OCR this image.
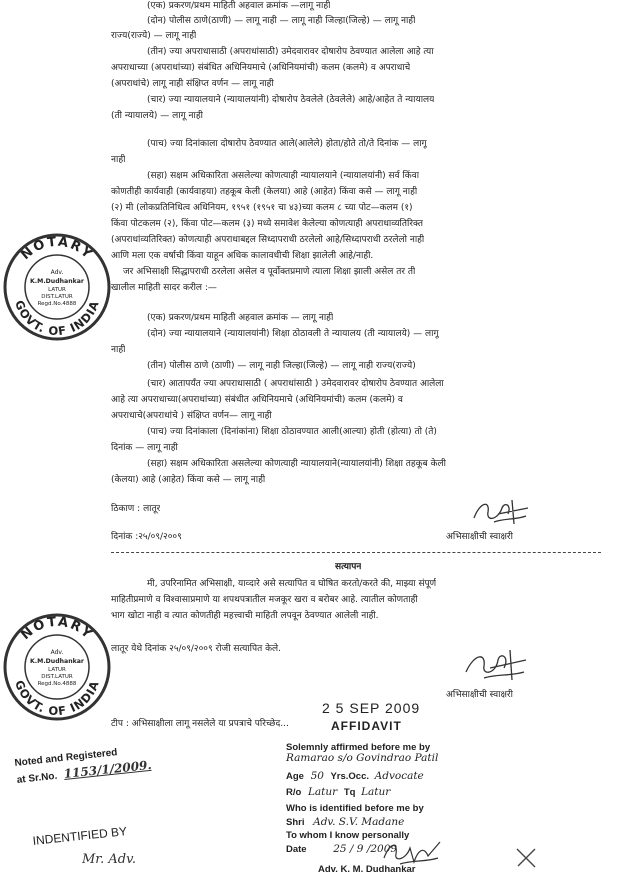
(एक) प्रकरण/प्रथम माहिती अहवाल क्रमांक —लागू नाही
(दोन) पोलीस ठाणे(ठाणी) — लागू नाही — लागू नाही जिल्हा(जिल्हे) — लागू नाही
राज्य(राज्ये) — लागू नाही
(तीन) ज्या अपराधासाठी (अपराधांसाठी) उमेदवारावर दोषारोप ठेवण्यात आलेला आहे त्या
अपराधाच्या (अपराधांच्या) संबंधित अधिनियमाचे (अधिनियमांची) कलम (कलमे) व अपराधाचे
(अपराधांचे) लागू नाही संक्षिप्त वर्णन — लागू नाही
(चार) ज्या न्यायालयाने (न्यायालयांनी) दोषारोप ठेवलेले (ठेवलेले) आहे/आहेत ते न्यायालय
(ती न्यायालये) — लागू नाही
(पाच) ज्या दिनांकाला दोषारोप ठेवण्यात आले(आलेले) होता/होते तो/ते दिनांक — लागू
नाही
(सहा) सक्षम अधिकारिता असलेल्या कोणत्याही न्यायालयाने (न्यायालयांनी) सर्व किंवा
कोणतीही कार्यवाही (कार्यवाहया) तहकूब केली (केलया) आहे (आहेत) किंवा कसे — लागू नाही
(२) मी (लोकप्रतिनिधित्व अधिनियम, १९५१ (१९५१ चा ४३)च्या कलम ८ च्या पोट—कलम (१)
किंवा पोटकलम (२), किंवा पोट—कलम (३) मध्ये समावेश केलेल्या कोणत्याही अपराधाव्यतिरिक्त
(अपराधांव्यतिरिक्त) कोणत्याही अपराधाबद्दल सिध्दापराधी ठरलेलो आहे/सिध्दापराधी ठरलेलो नाही
आणि मला एक वर्षाची किंवा याहून अधिक कालावधीची शिक्षा झालेली आहे/नाही.
जर अभिसाक्षी सिद्धापराधी ठरलेला असेल व पूर्वोक्तप्रमाणे त्याला शिक्षा झाली असेल तर ती
खालील माहिती सादर करील :—
(एक) प्रकरण/प्रथम माहिती अहवाल क्रमांक — लागू नाही
(दोन) ज्या न्यायालयाने (न्यायालयांनी) शिक्षा ठोठावली ते न्यायालय (ती न्यायालये) — लागू
नाही
(तीन) पोलीस ठाणे (ठाणी) — लागू नाही जिल्हा(जिल्हे) — लागू नाही राज्य(राज्ये)
(चार) आतापर्यंत ज्या अपराधासाठी ( अपराधांसाठी ) उमेदवारावर दोषारोप ठेवण्यात आलेला
आहे त्या अपराधाच्या(अपराधांच्या) संबंधीत अधिनियमाचे (अधिनियमांची) कलम (कलमे) व
अपराधाचे(अपराधांचे ) संक्षिप्त वर्णन— लागू नाही
(पाच) ज्या दिनांकाला (दिनांकांना) शिक्षा ठोठावण्यात आली(आल्या) होती (होत्या) तो (ते)
दिनांक — लागू नाही
(सहा) सक्षम अधिकारिता असलेल्या कोणत्याही न्यायालयाने(न्यायालयांनी) शिक्षा तहकूब केली
(केलया) आहे (आहेत) किंवा कसे — लागू नाही
ठिकाण : लातूर
दिनांक :२५/०९/२००९	अभिसाक्षीची स्वाक्षरी
सत्यापन
मी, उपरिनामित अभिसाक्षी, याव्दारे असे सत्यापित व घोषित करतो/करते की, माझ्या संपूर्ण
माहितीप्रमाणे व विश्वासाप्रमाणे या शपथपत्रातील मजकूर खरा व बरोबर आहे. त्यातील कोणताही
भाग खोटा नाही व त्यात कोणतीही महत्त्वाची माहिती लपवून ठेवण्यात आलेली नाही.
लातूर येथे दिनांक २५/०९/२००९ रोजी सत्यापित केले.
अभिसाक्षीची स्वाक्षरी
टीप : अभिसाक्षीला लागू नसलेले या प्रपत्राचे परिच्छेद...
NOTARY
GOVT. OF INDIA
Adv.
K.M.Dudhankar
LATUR
DIST.LATUR
Regd.No.4888
NOTARY
GOVT. OF INDIA
Adv.
K.M.Dudhankar
LATUR
DIST.LATUR
Regd.No.4888
2 5 SEP 2009
AFFIDAVIT
Solemnly affirmed before me by
Ramarao s/o Govindrao Patil
Age 50 Yrs.Occ. Advocate
R/o Latur Tq Latur
Who is identified before me by
Shri Adv. S.V. Madane
To whom I know personally
Date	25 / 9 /2009
Adv. K. M. Dudhankar
Noted and Registered
at Sr.No. 1153/1/2009.
INDENTIFIED BY
Mr. Adv.
